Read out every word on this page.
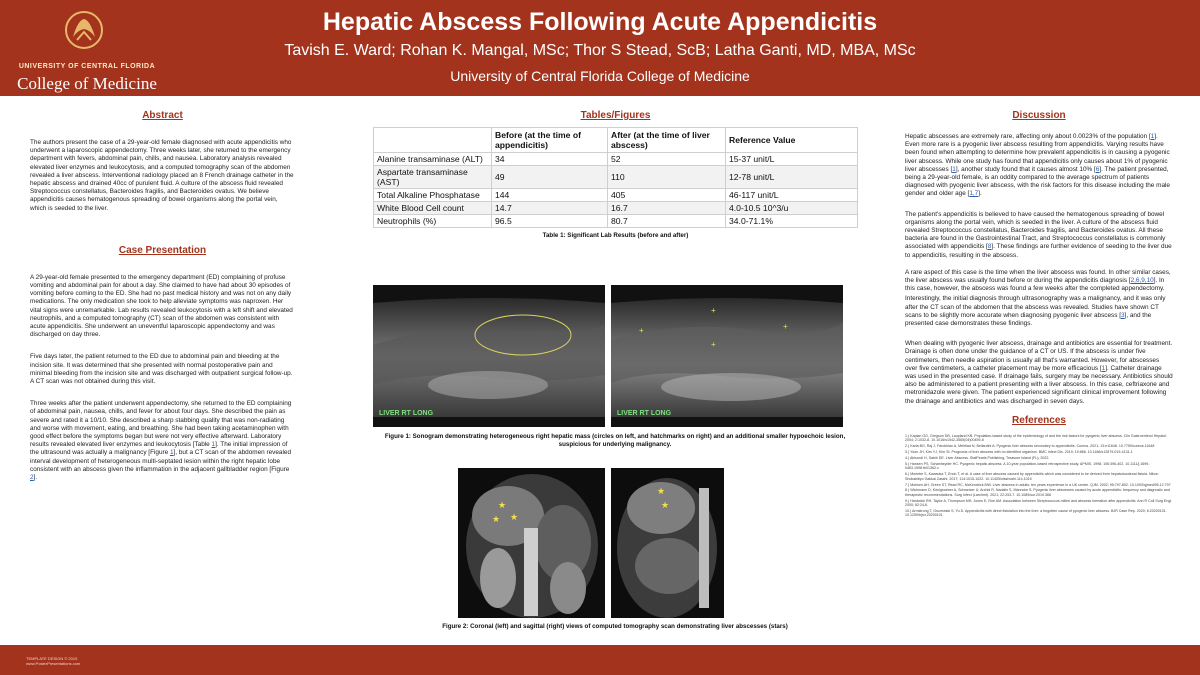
UNIVERSITY OF CENTRAL FLORIDA
College of Medicine
Hepatic Abscess Following Acute Appendicitis
Tavish E. Ward; Rohan K. Mangal, MSc; Thor S Stead, ScB; Latha Ganti, MD, MBA, MSc
University of Central Florida College of Medicine
Abstract

The authors present the case of a 29-year-old female diagnosed with acute appendicitis who underwent a laparoscopic appendectomy. Three weeks later, she returned to the emergency department with fevers, abdominal pain, chills, and nausea. Laboratory analysis revealed elevated liver enzymes and leukocytosis, and a computed tomography scan of the abdomen revealed a liver abscess. Interventional radiology placed an 8 French drainage catheter in the hepatic abscess and drained 40cc of purulent fluid. A culture of the abscess fluid revealed Streptococcus constellatus, Bacteroides fragilis, and Bacteroides ovatus. We believe appendicitis causes hematogenous spreading of bowel organisms along the portal vein, which is seeded to the liver.

Case Presentation

A 29-year-old female presented to the emergency department (ED) complaining of profuse vomiting and abdominal pain for about a day. She claimed to have had about 30 episodes of vomiting before coming to the ED. She had no past medical history and was not on any daily medications. The only medication she took to help alleviate symptoms was naproxen. Her vital signs were unremarkable. Lab results revealed leukocytosis with a left shift and elevated neutrophils, and a computed tomography (CT) scan of the abdomen was consistent with acute appendicitis. She underwent an uneventful laparoscopic appendectomy and was discharged on day three.

Five days later, the patient returned to the ED due to abdominal pain and bleeding at the incision site. It was determined that she presented with normal postoperative pain and minimal bleeding from the incision site and was discharged with outpatient surgical follow-up. A CT scan was not obtained during this visit.

Three weeks after the patient underwent appendectomy, she returned to the ED complaining of abdominal pain, nausea, chills, and fever for about four days. She described the pain as severe and rated it a 10/10. She described a sharp stabbing quality that was non-radiating and worse with movement, eating, and breathing. She had been taking acetaminophen with good effect before the symptoms began but were not very effective afterward. Laboratory results revealed elevated liver enzymes and leukocytosis [Table 1]. The initial impression of the ultrasound was actually a malignancy [Figure 1], but a CT scan of the abdomen revealed interval development of heterogeneous multi-septated lesion within the right hepatic lobe consistent with an abscess given the inflammation in the adjacent gallbladder region [Figure 2].

Tables/Figures
	Before (at the time of appendicitis)	After (at the time of liver abscess)	Reference Value
Alanine transaminase (ALT)	34	52	15-37 unit/L
Aspartate transaminase (AST)	49	110	12-78 unit/L
Total Alkaline Phosphatase	144	405	46-117 unit/L
White Blood Cell count	14.7	16.7	4.0-10.5 10^3/u
Neutrophils (%)	96.5	80.7	34.0-71.1%
Table 1: Significant Lab Results (before and after)
LIVER RT LONG
+
+
+
+
LIVER RT LONG
Figure 1: Sonogram demonstrating heterogeneous right hepatic mass (circles on left, and hatchmarks on right) and an additional smaller hypoechoic lesion, suspicious for underlying malignancy.
★
★
★
★
★
Figure 2: Coronal (left) and sagittal (right) views of computed tomography scan demonstrating liver abscesses (stars)
Discussion

Hepatic abscesses are extremely rare, affecting only about 0.0023% of the population [1]. Even more rare is a pyogenic liver abscess resulting from appendicitis. Varying results have been found when attempting to determine how prevalent appendicitis is in causing a pyogenic liver abscess. While one study has found that appendicitis only causes about 1% of pyogenic liver abscesses [1], another study found that it causes almost 10% [6]. The patient presented, being a 29-year-old female, is an oddity compared to the average spectrum of patients diagnosed with pyogenic liver abscess, with the risk factors for this disease including the male gender and older age [1,7].

The patient's appendicitis is believed to have caused the hematogenous spreading of bowel organisms along the portal vein, which is seeded in the liver. A culture of the abscess fluid revealed Streptococcus constellatus, Bacteroides fragilis, and Bacteroides ovatus. All these bacteria are found in the Gastrointestinal Tract, and Streptococcus constellatus is commonly associated with appendicitis [8]. These findings are further evidence of seeding to the liver due to appendicitis, resulting in the abscess.

A rare aspect of this case is the time when the liver abscess was found. In other similar cases, the liver abscess was usually found before or during the appendicitis diagnosis [2,6,9,10]. In this case, however, the abscess was found a few weeks after the completed appendectomy.

Interestingly, the initial diagnosis through ultrasonography was a malignancy, and it was only after the CT scan of the abdomen that the abscess was revealed. Studies have shown CT scans to be slightly more accurate when diagnosing pyogenic liver abscess [3], and the presented case demonstrates these findings.

When dealing with pyogenic liver abscess, drainage and antibiotics are essential for treatment. Drainage is often done under the guidance of a CT or US. If the abscess is under five centimeters, then needle aspiration is usually all that's warranted. However, for abscesses over five centimeters, a catheter placement may be more efficacious [1]. Catheter drainage was used in the presented case. If drainage fails, surgery may be necessary. Antibiotics should also be administered to a patient presenting with a liver abscess. In this case, ceftriaxone and metronidazole were given. The patient experienced significant clinical improvement following the drainage and antibiotics and was discharged in seven days.

References

1.) Kaplan GG, Gregson DB, Laupland KB. Population-based study of the epidemiology of and the risk factors for pyogenic liver abscess. Clin Gastroenterol Hepatol. 2004; 2:1032-8. 10.1016/s1542-3565(04)00459-8

2.) Karia BG, Raj J, Farokhian A, Mehtiad N, Bellardini A. Pyogenic liver abscess secondary to appendicitis. Cureus. 2021; 13:e11648. 10.7759/cureus.11648

3.) Yoon JH, Kim YJ, Kim SI. Prognosis of liver abscess with no identified organism. BMC Infect Dis. 2019; 19:866. 10.1186/s12879-019-4131-1

4.) Akhondi H, Sabih DE. Liver Abscess. StatPearls Publishing, Treasure Island (FL); 2022.

5.) Hansen PS, Schønheyder HC. Pyogenic hepatic abscess. A 10-year population-based retrospective study. APMIS. 1998; 106:396-402. 10.1111/j.1699-0463.1998.tb01362.x

6.) Moriebe S, Kawaoka T, Endo T, et al. A case of liver abscess caused by appendicitis which was considered to be derived from hepatoduodenal fistula. Nihon Shokakibyo Gakkai Zasshi. 2017; 114:1015-1022. 10.11405/nisshoshi.114.1015

7.) Mohsen AH, Green ST, Read RC, McKendrick MW. Liver abscess in adults: ten years experience in a UK centre. QJM. 2002; 95:797-802. 10.1093/qjmed/95.12.797

8.) Wichmann D, Königsrainer A, Schweizer U, Archid R, Nadalin S, Manncke S. Pyogenic liver abscesses caused by acute appendicitis: frequency and diagnostic and therapeutic recommendations. Surg Infect (Larchmt). 2021; 22:253-7. 10.1089/sur.2019.366

9.) Hardwick RH, Taylor A, Thompson MH, Jones E, Roe AM. Association between Streptococcus milleri and abscess formation after appendicitis. Ann R Coll Surg Engl. 2000; 82:24-6.

10.) Armstrong T, Gruzewski S, Yu D. Appendicitis with direct fistulation into the liver: a forgotten cause of pyogenic liver abscess. BJR Case Rep. 2020; 6:20200101. 10.1259/bjrcr.20200101

TEMPLATE DESIGN © 2019
www.PosterPresentations.com
